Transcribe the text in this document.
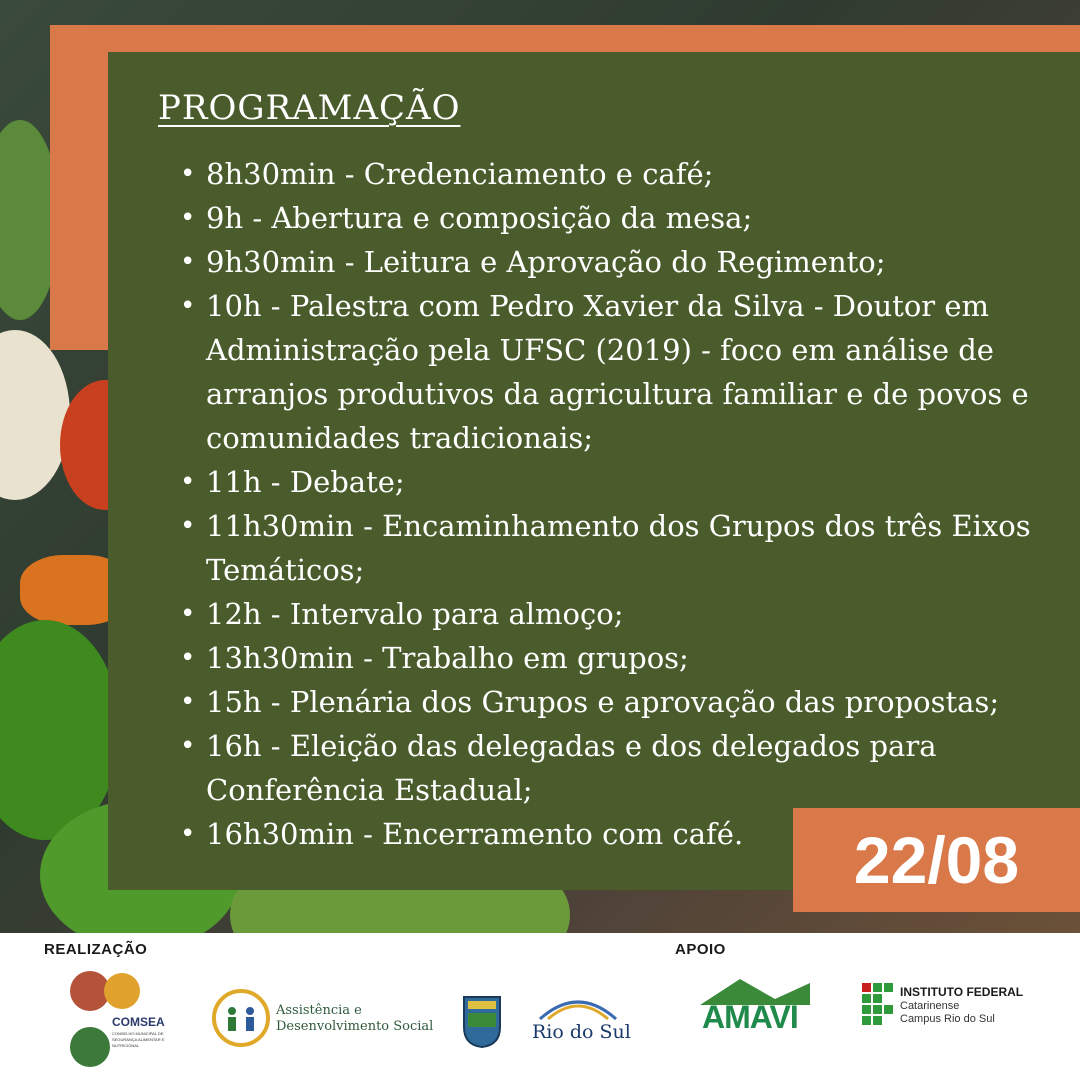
PROGRAMAÇÃO
• 8h30min - Credenciamento e café;
• 9h - Abertura e composição da mesa;
• 9h30min - Leitura e Aprovação do Regimento;
• 10h - Palestra com Pedro Xavier da Silva - Doutor em Administração pela UFSC (2019) - foco em análise de arranjos produtivos da agricultura familiar e de povos e comunidades tradicionais;
• 11h - Debate;
• 11h30min - Encaminhamento dos Grupos dos três Eixos Temáticos;
• 12h - Intervalo para almoço;
• 13h30min - Trabalho em grupos;
• 15h - Plenária dos Grupos e aprovação das propostas;
• 16h - Eleição das delegadas e dos delegados para Conferência Estadual;
• 16h30min - Encerramento com café.	22/08
REALIZAÇÃO	APOIO
COMSEA
CONSELHO MUNICIPAL DE SEGURANÇA ALIMENTAR E NUTRICIONAL
Assistência e
Desenvolvimento Social	Rio do Sul AMAVI
INSTITUTO FEDERAL
Catarinense
Campus Rio do Sul
